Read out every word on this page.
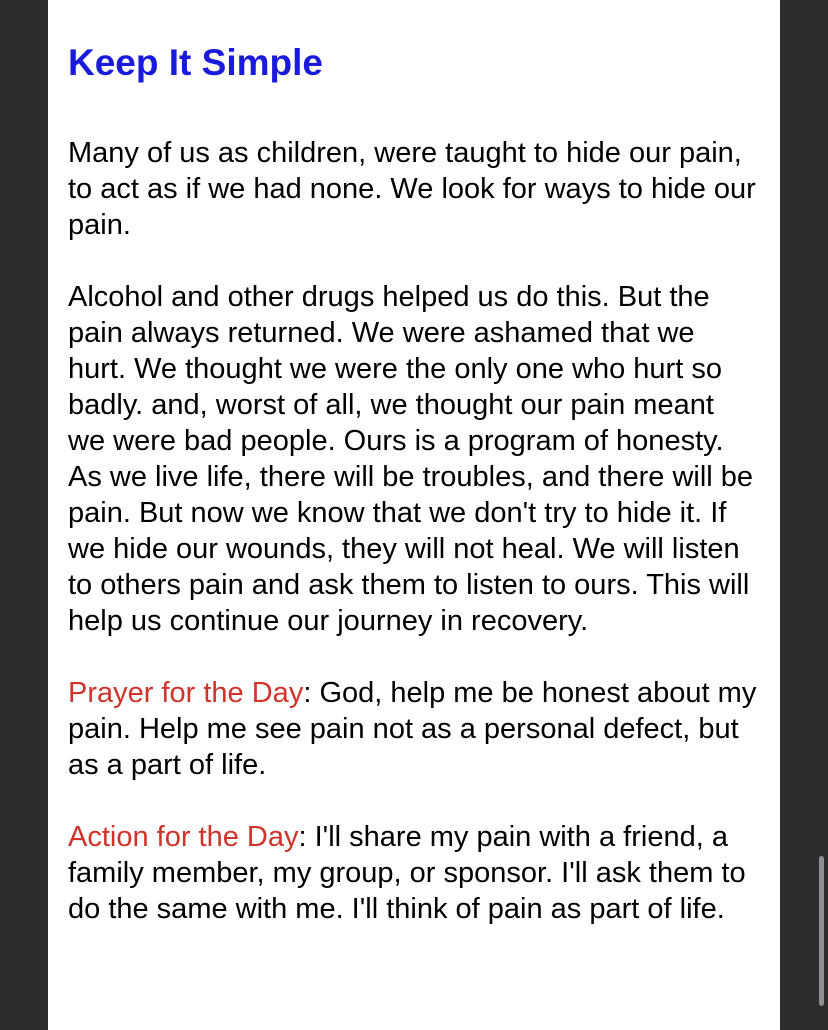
Keep It Simple

Many of us as children, were taught to hide our pain, to act as if we had none. We look for ways to hide our pain.

Alcohol and other drugs helped us do this. But the pain always returned. We were ashamed that we hurt. We thought we were the only one who hurt so badly. and, worst of all, we thought our pain meant we were bad people. Ours is a program of honesty. As we live life, there will be troubles, and there will be pain. But now we know that we don't try to hide it. If we hide our wounds, they will not heal. We will listen to others pain and ask them to listen to ours. This will help us continue our journey in recovery.

Prayer for the Day: God, help me be honest about my pain. Help me see pain not as a personal defect, but as a part of life.

Action for the Day: I'll share my pain with a friend, a family member, my group, or sponsor. I'll ask them to do the same with me. I'll think of pain as part of life.
